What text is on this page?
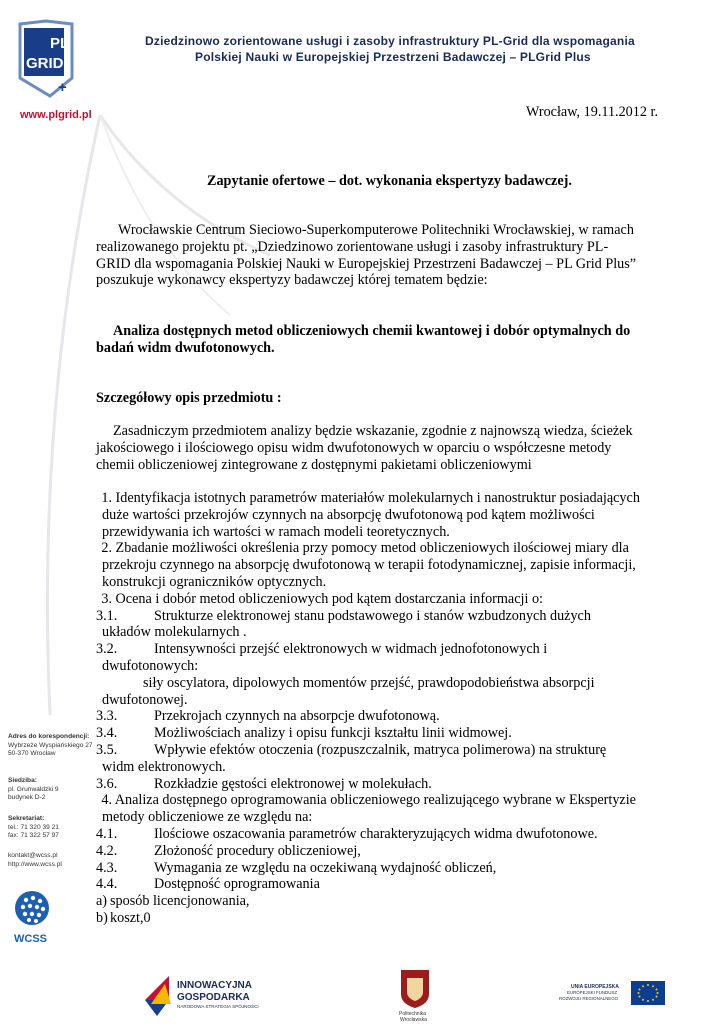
PL
GRID
+
Dziedzinowo zorientowane usługi i zasoby infrastruktury PL-Grid dla wspomagania
Polskiej Nauki w Europejskiej Przestrzeni Badawczej – PLGrid Plus
www.plgrid.pl	Wrocław, 19.11.2012 r.
Zapytanie ofertowe – dot. wykonania ekspertyzy badawczej.
Wrocławskie Centrum Sieciowo-Superkomputerowe Politechniki Wrocławskiej, w ramach
realizowanego projektu pt. „Dziedzinowo zorientowane usługi i zasoby infrastruktury PL-
GRID dla wspomagania Polskiej Nauki w Europejskiej Przestrzeni Badawczej – PL Grid Plus”
poszukuje wykonawcy ekspertyzy badawczej której tematem będzie:
Analiza dostępnych metod obliczeniowych chemii kwantowej i dobór optymalnych do
badań widm dwufotonowych.
Szczegółowy opis przedmiotu :
Zasadniczym przedmiotem analizy będzie wskazanie, zgodnie z najnowszą wiedza, ścieżek
jakościowego i ilościowego opisu widm dwufotonowych w oparciu o współczesne metody
chemii obliczeniowej zintegrowane z dostępnymi pakietami obliczeniowymi
1. Identyfikacja istotnych parametrów materiałów molekularnych i nanostruktur posiadających
duże wartości przekrojów czynnych na absorpcję dwufotonową pod kątem możliwości
przewidywania ich wartości w ramach modeli teoretycznych.
2. Zbadanie możliwości określenia przy pomocy metod obliczeniowych ilościowej miary dla
przekroju czynnego na absorpcję dwufotonową w terapii fotodynamicznej, zapisie informacji,
konstrukcji ograniczników optycznych.
3. Ocena i dobór metod obliczeniowych pod kątem dostarczania informacji o:
3.1.	Strukturze elektronowej stanu podstawowego i stanów wzbudzonych dużych
układów molekularnych .
3.2.	Intensywności przejść elektronowych w widmach jednofotonowych i
dwufotonowych:
siły oscylatora, dipolowych momentów przejść, prawdopodobieństwa absorpcji
dwufotonowej.
3.3.	Przekrojach czynnych na absorpcje dwufotonową.
3.4.	Możliwościach analizy i opisu funkcji kształtu linii widmowej.
3.5.	Wpływie efektów otoczenia (rozpuszczalnik, matryca polimerowa) na strukturę
widm elektronowych.
3.6.	Rozkładzie gęstości elektronowej w molekułach.
4. Analiza dostępnego oprogramowania obliczeniowego realizującego wybrane w Ekspertyzie
metody obliczeniowe ze względu na:
4.1.	Ilościowe oszacowania parametrów charakteryzujących widma dwufotonowe.
4.2.	Złożoność procedury obliczeniowej,
4.3.	Wymagania ze względu na oczekiwaną wydajność obliczeń,
4.4.	Dostępność oprogramowania
a) sposób licencjonowania,
b) koszt,0
Adres do korespondencji:
Wybrzeże Wyspiańskiego 27
50-370 Wrocław
Siedziba:
pl. Grunwaldzki 9
budynek D-2
Sekretariat:
tel.: 71 320 39 21
fax: 71 322 57 97
kontakt@wcss.pl
http://www.wcss.pl
WCSS
INNOWACYJNA
GOSPODARKA
NARODOWA STRATEGIA SPÓJNOŚCI
Politechnika
Wrocławska
UNIA EUROPEJSKA
EUROPEJSKI FUNDUSZ
ROZWOJU REGIONALNEGO
